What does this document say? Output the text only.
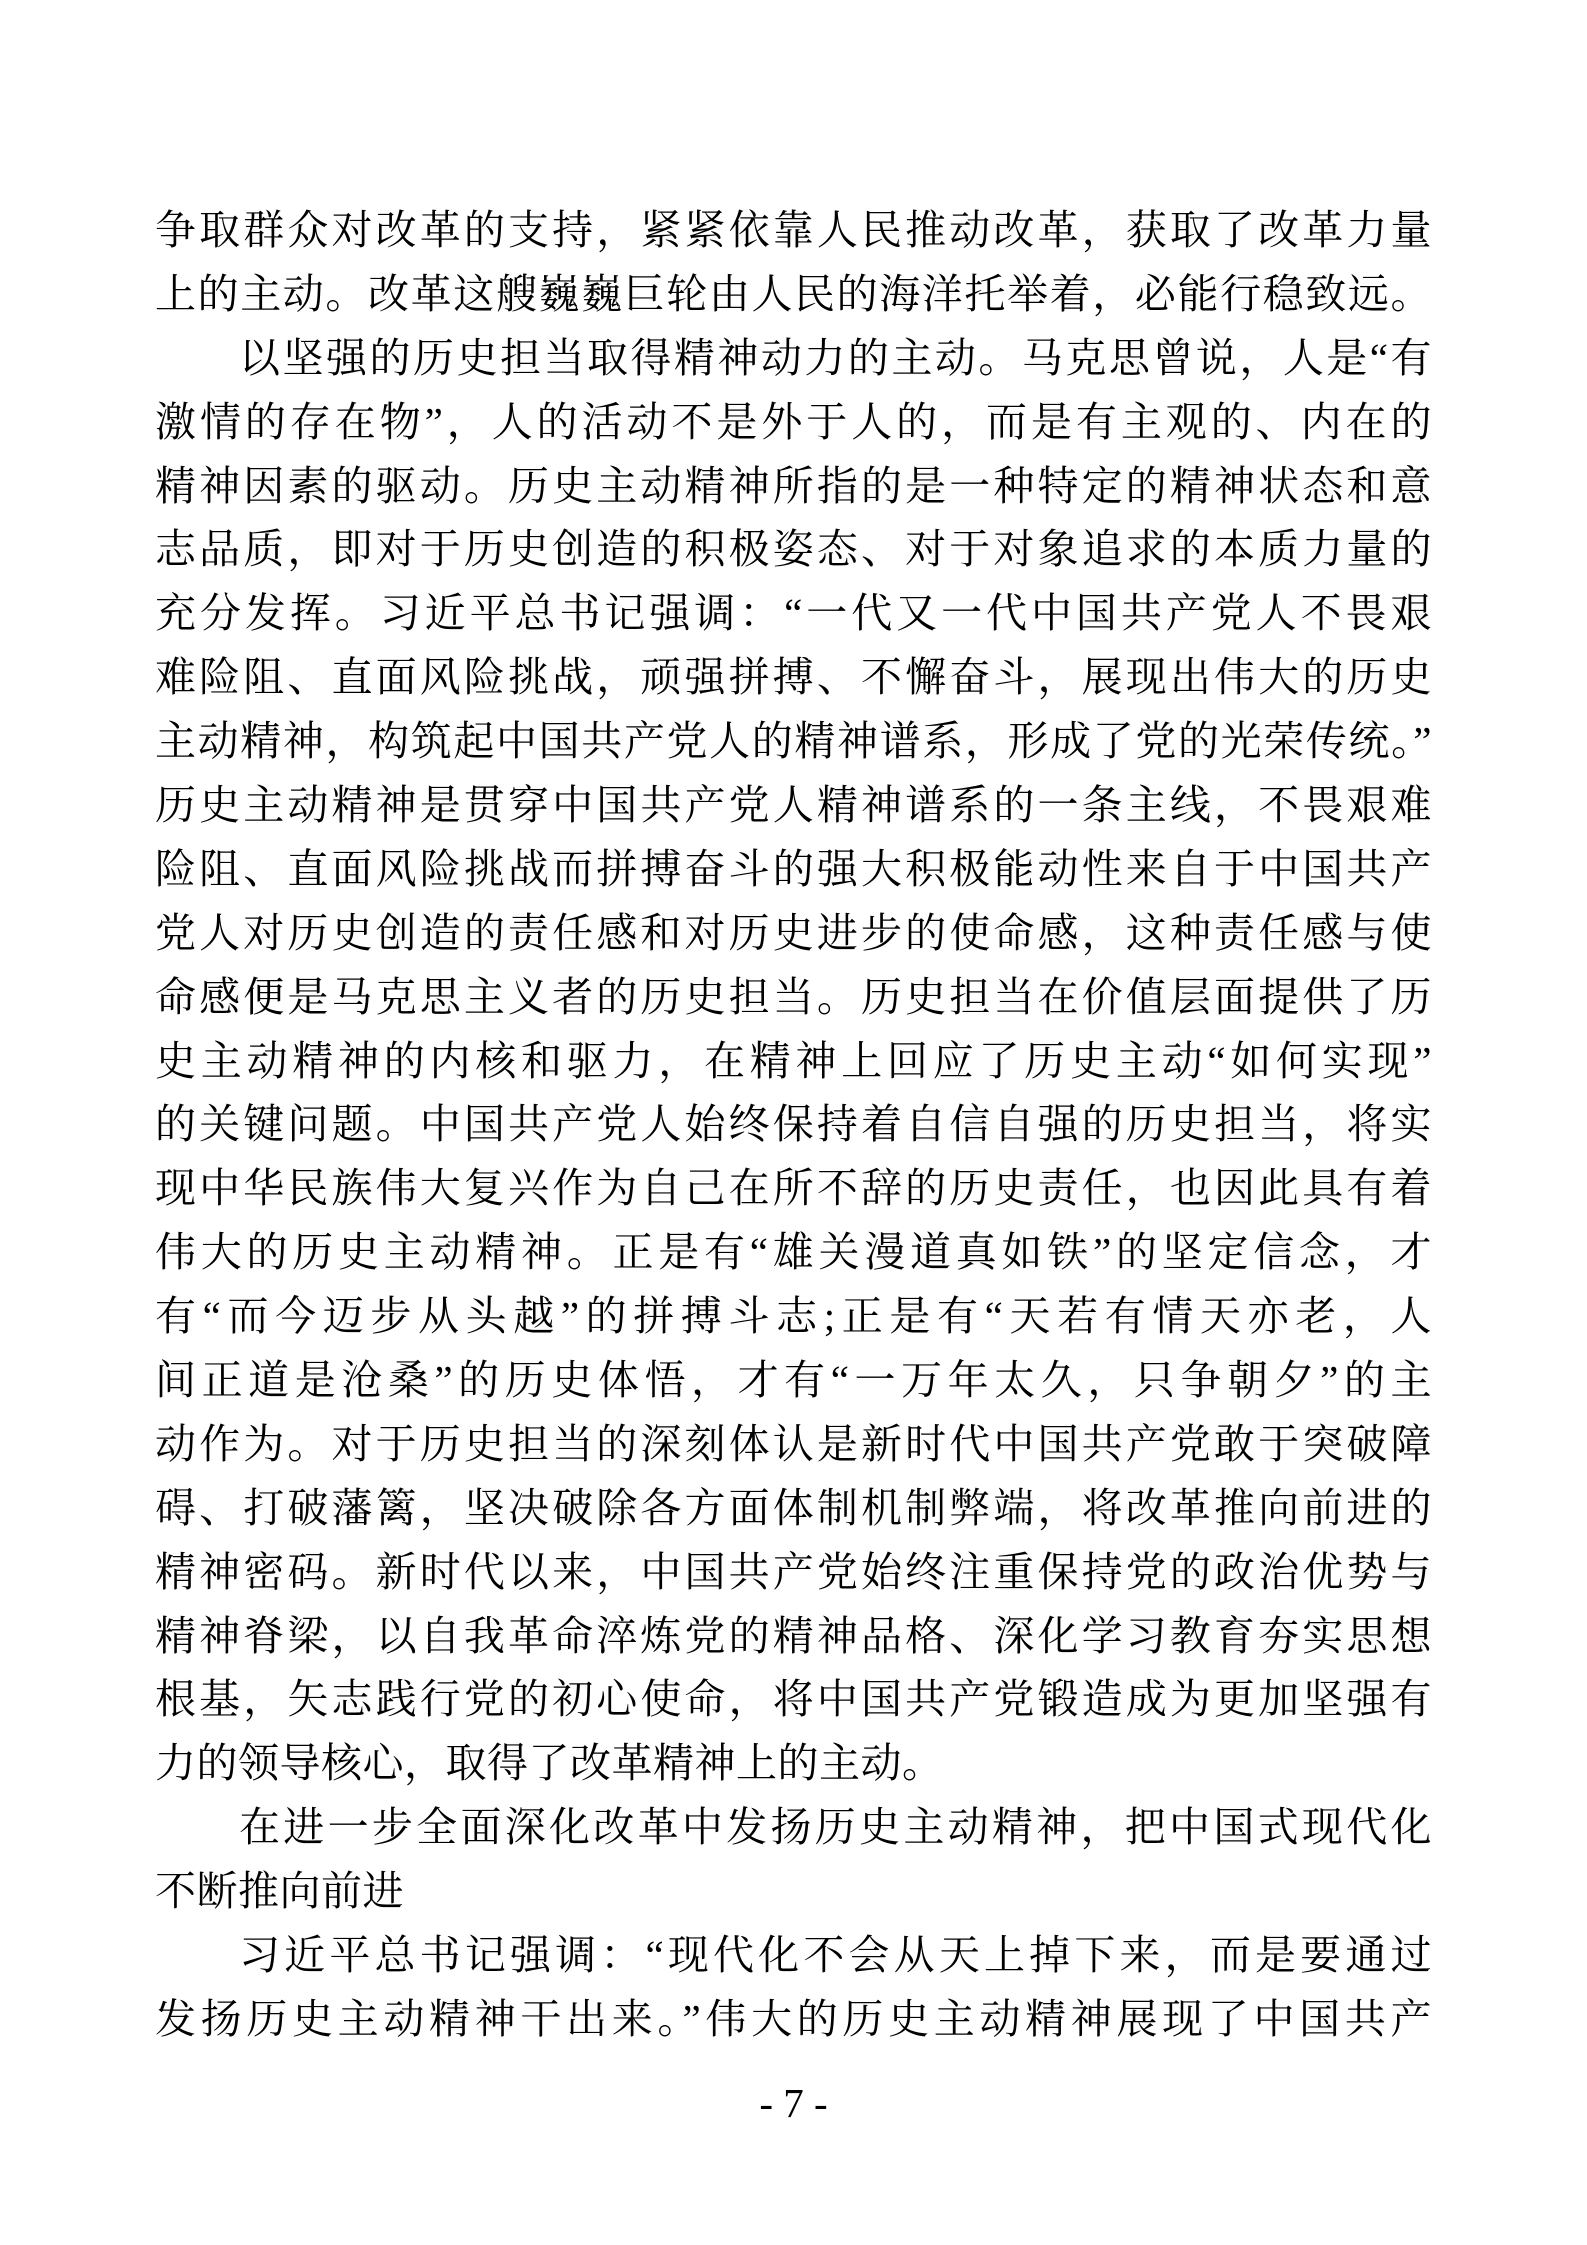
争取群众对改革的支持，紧紧依靠人民推动改革，获取了改革力量
上的主动。改革这艘巍巍巨轮由人民的海洋托举着，必能行稳致远。
以坚强的历史担当取得精神动力的主动。马克思曾说，人是“有
激情的存在物”，人的活动不是外于人的，而是有主观的、内在的
精神因素的驱动。历史主动精神所指的是一种特定的精神状态和意
志品质，即对于历史创造的积极姿态、对于对象追求的本质力量的
充分发挥。习近平总书记强调：“一代又一代中国共产党人不畏艰
难险阻、直面风险挑战，顽强拼搏、不懈奋斗，展现出伟大的历史
主动精神，构筑起中国共产党人的精神谱系，形成了党的光荣传统。”
历史主动精神是贯穿中国共产党人精神谱系的一条主线，不畏艰难
险阻、直面风险挑战而拼搏奋斗的强大积极能动性来自于中国共产
党人对历史创造的责任感和对历史进步的使命感，这种责任感与使
命感便是马克思主义者的历史担当。历史担当在价值层面提供了历
史主动精神的内核和驱力，在精神上回应了历史主动“如何实现”
的关键问题。中国共产党人始终保持着自信自强的历史担当，将实
现中华民族伟大复兴作为自己在所不辞的历史责任，也因此具有着
伟大的历史主动精神。正是有“雄关漫道真如铁”的坚定信念，才
有“而今迈步从头越”的拼搏斗志;正是有“天若有情天亦老，人
间正道是沧桑”的历史体悟，才有“一万年太久，只争朝夕”的主
动作为。对于历史担当的深刻体认是新时代中国共产党敢于突破障
碍、打破藩篱，坚决破除各方面体制机制弊端，将改革推向前进的
精神密码。新时代以来，中国共产党始终注重保持党的政治优势与
精神脊梁，以自我革命淬炼党的精神品格、深化学习教育夯实思想
根基，矢志践行党的初心使命，将中国共产党锻造成为更加坚强有
力的领导核心，取得了改革精神上的主动。
在进一步全面深化改革中发扬历史主动精神，把中国式现代化
不断推向前进
习近平总书记强调：“现代化不会从天上掉下来，而是要通过
发扬历史主动精神干出来。”伟大的历史主动精神展现了中国共产
- 7 -
